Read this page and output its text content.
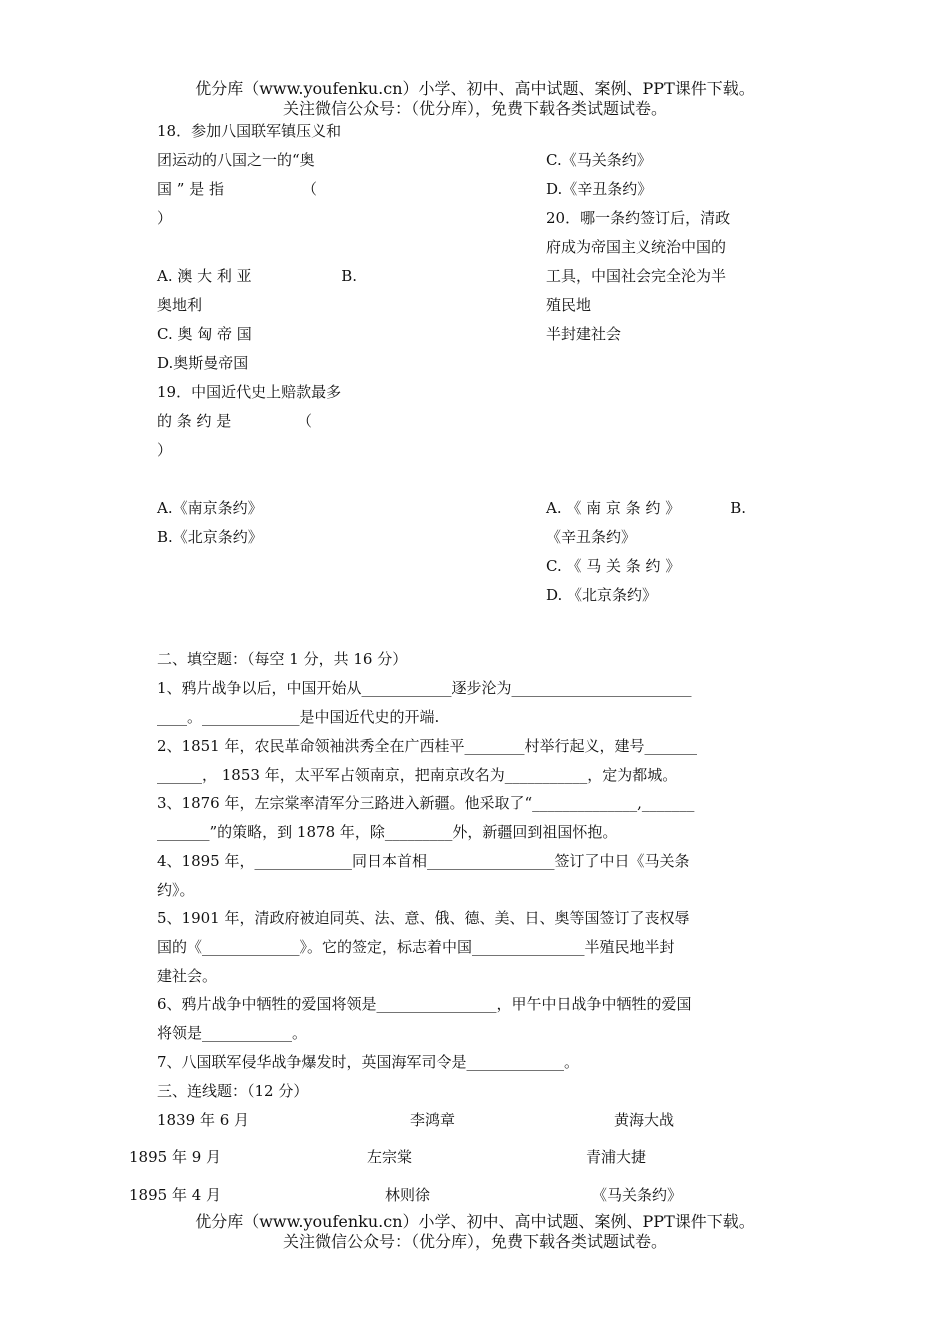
优分库（www.youfenku.cn）小学、初中、高中试题、案例、PPT课件下载。
关注微信公众号：（优分库），免费下载各类试题试卷。
18．参加八国联军镇压义和
团运动的八国之一的“奥
国 ” 是 指	（
）
A. 澳 大 利 亚	B.
奥地利
C. 奥 匈 帝 国
D.奥斯曼帝国
19．中国近代史上赔款最多
的 条 约 是	（
）
A.《南京条约》
B.《北京条约》
C.《马关条约》
D.《辛丑条约》
20．哪一条约签订后，清政
府成为帝国主义统治中国的
工具，中国社会完全沦为半
殖民地
半封建社会
A. 《 南 京 条 约 》	B.
《辛丑条约》
C. 《 马 关 条 约 》
D. 《北京条约》
二、填空题：（每空 1 分，共 16 分）
1、鸦片战争以后，中国开始从____________逐步沦为________________________
____。_____________是中国近代史的开端.
2、1851 年，农民革命领袖洪秀全在广西桂平________村举行起义，建号_______
______， 1853 年，太平军占领南京，把南京改名为___________，定为都城。
3、1876 年，左宗棠率清军分三路进入新疆。他采取了“______________,_______
_______”的策略，到 1878 年，除_________外，新疆回到祖国怀抱。
4、1895 年，_____________同日本首相_________________签订了中日《马关条
约》。
5、1901 年，清政府被迫同英、法、意、俄、德、美、日、奥等国签订了丧权辱
国的《_____________》。它的签定，标志着中国_______________半殖民地半封
建社会。
6、鸦片战争中牺牲的爱国将领是________________，甲午中日战争中牺牲的爱国
将领是____________。
7、八国联军侵华战争爆发时，英国海军司令是_____________。
三、连线题：（12 分）
1839 年 6 月	李鸿章	黄海大战
1895 年 9 月	左宗棠	青浦大捷
1895 年 4 月	林则徐	《马关条约》
优分库（www.youfenku.cn）小学、初中、高中试题、案例、PPT课件下载。
关注微信公众号：（优分库），免费下载各类试题试卷。
